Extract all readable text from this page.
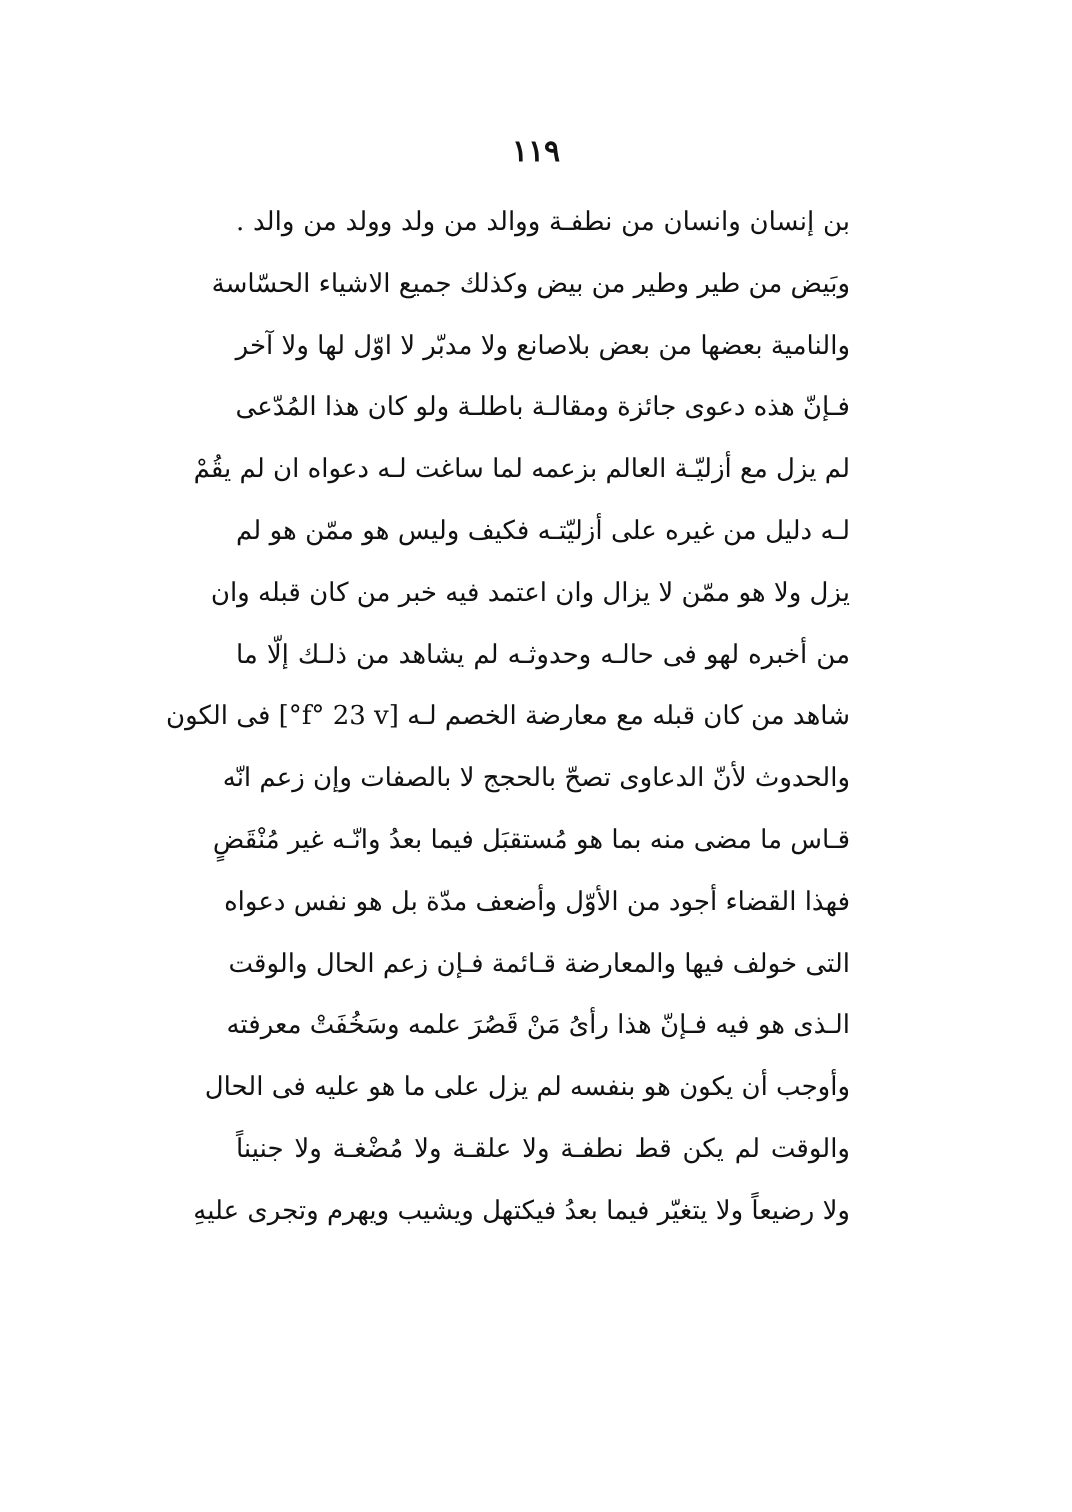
١١٩
بن إنسان وانسان من نطفـة ووالد من ولد وولد من والد .
وبَيض من طير وطير من بيض وكذلك جميع الاشياء الحسّاسة
والنامية بعضها من بعض بلاصانع ولا مدبّر لا اوّل لها ولا آخر
فـإنّ هذه دعوى جائزة ومقالـة باطلـة ولو كان هذا المُدّعى
لم يزل مع أزليّـة العالم بزعمه لما ساغت لـه دعواه ان لم يقُمْ
لـه دليل من غيره على أزليّتـه فكيف وليس هو ممّن هو لم
يزل ولا هو ممّن لا يزال وان اعتمد فيه خبر من كان قبله وان
من أخبره لهو فى حالـه وحدوثـه لم يشاهد من ذلـك إلّا ما
شاهد من كان قبله مع معارضة الخصم لـه [f° 23 v°] فى الكون
والحدوث لأنّ الدعاوى تصحّ بالحجج لا بالصفات وإن زعم انّه
قـاس ما مضى منه بما هو مُستقبَل فيما بعدُ وانّـه غير مُنْقَضٍ
فهذا القضاء أجود من الأوّل وأضعف مدّة بل هو نفس دعواه
التى خولف فيها والمعارضة قـائمة فـإن زعم الحال والوقت
الـذى هو فيه فـإنّ هذا رأىُ مَنْ قَصُرَ علمه وسَخُفَتْ معرفته
وأوجب أن يكون هو بنفسه لم يزل على ما هو عليه فى الحال
والوقت لم يكن قط نطفـة ولا علقـة ولا مُضْغـة ولا جنيناً
ولا رضيعاً ولا يتغيّر فيما بعدُ فيكتهل ويشيب ويهرم وتجرى عليهِ
